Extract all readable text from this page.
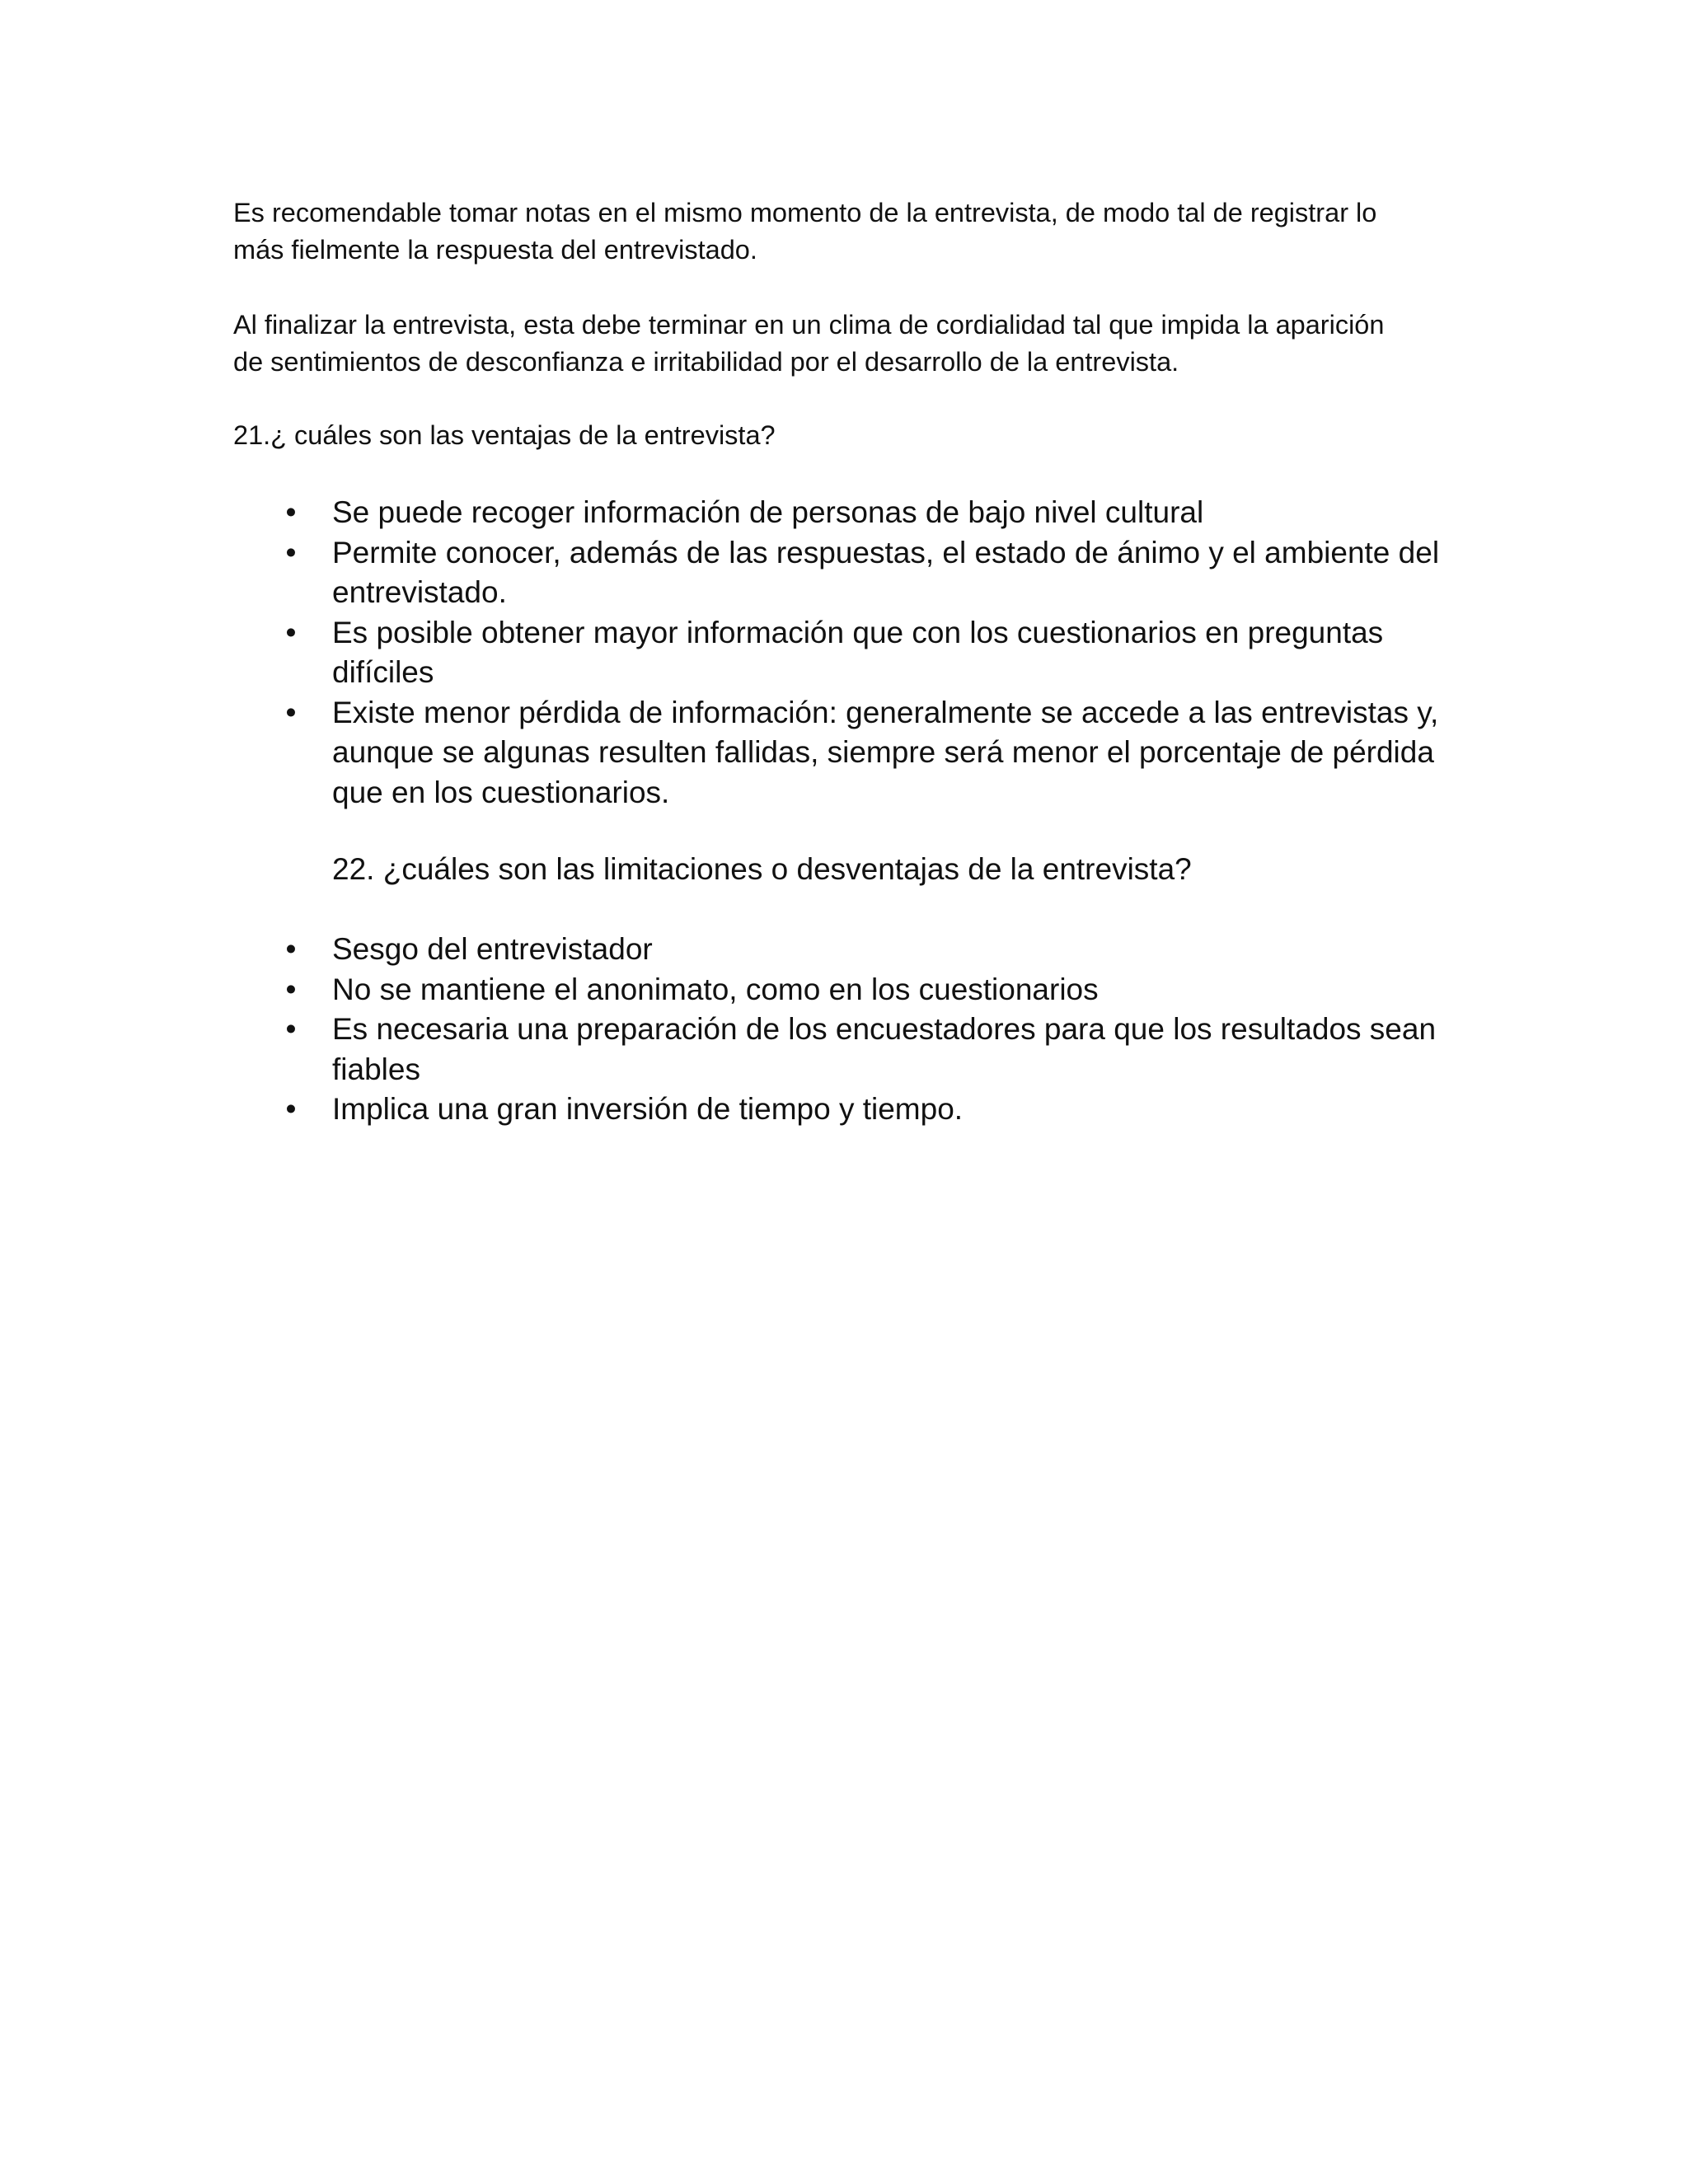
Es recomendable tomar notas en el mismo momento de la entrevista, de modo tal de registrar lo
más fielmente la respuesta del entrevistado.

Al finalizar la entrevista, esta debe terminar en un clima de cordialidad tal que impida la aparición
de sentimientos de desconfianza e irritabilidad por el desarrollo de la entrevista.

21.¿ cuáles son las ventajas de la entrevista?

• Se puede recoger información de personas de bajo nivel cultural
• Permite conocer, además de las respuestas, el estado de ánimo y el ambiente del
entrevistado.
• Es posible obtener mayor información que con los cuestionarios en preguntas
difíciles
• Existe menor pérdida de información: generalmente se accede a las entrevistas y,
aunque se algunas resulten fallidas, siempre será menor el porcentaje de pérdida
que en los cuestionarios.

22. ¿cuáles son las limitaciones o desventajas de la entrevista?

• Sesgo del entrevistador
• No se mantiene el anonimato, como en los cuestionarios
• Es necesaria una preparación de los encuestadores para que los resultados sean
fiables
• Implica una gran inversión de tiempo y tiempo.
